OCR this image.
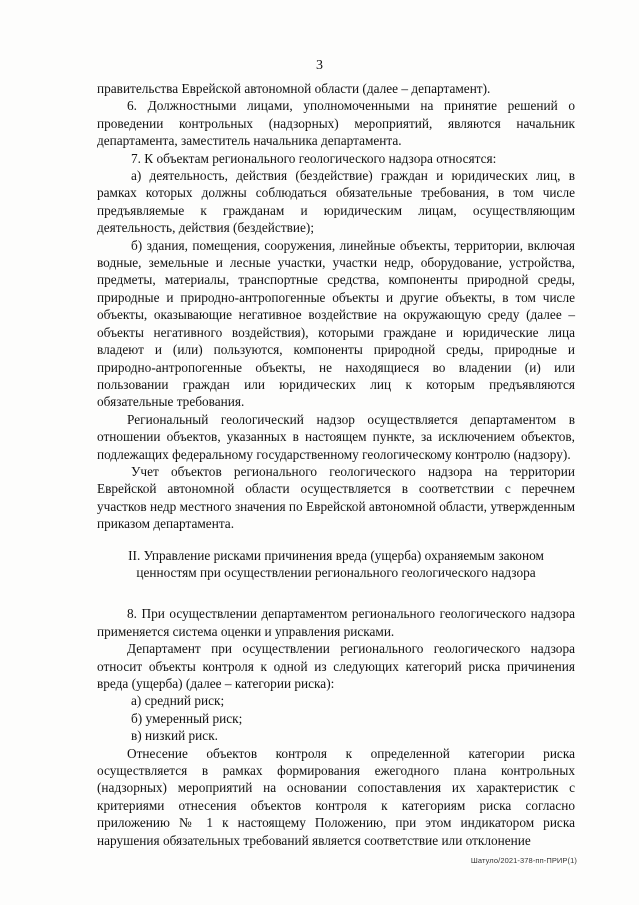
3

правительства Еврейской автономной области (далее – департамент).

6. Должностными лицами, уполномоченными на принятие решений о проведении контрольных (надзорных) мероприятий, являются начальник департамента, заместитель начальника департамента.

7. К объектам регионального геологического надзора относятся:

а) деятельность, действия (бездействие) граждан и юридических лиц, в рамках которых должны соблюдаться обязательные требования, в том числе предъявляемые к гражданам и юридическим лицам, осуществляющим деятельность, действия (бездействие);

б) здания, помещения, сооружения, линейные объекты, территории, включая водные, земельные и лесные участки, участки недр, оборудование, устройства, предметы, материалы, транспортные средства, компоненты природной среды, природные и природно-антропогенные объекты и другие объекты, в том числе объекты, оказывающие негативное воздействие на окружающую среду (далее – объекты негативного воздействия), которыми граждане и юридические лица владеют и (или) пользуются, компоненты природной среды, природные и природно-антропогенные объекты, не находящиеся во владении (и) или пользовании граждан или юридических лиц к которым предъявляются обязательные требования.

Региональный геологический надзор осуществляется департаментом в отношении объектов, указанных в настоящем пункте, за исключением объектов, подлежащих федеральному государственному геологическому контролю (надзору).

Учет объектов регионального геологического надзора на территории Еврейской автономной области осуществляется в соответствии с перечнем участков недр местного значения по Еврейской автономной области, утвержденным приказом департамента.

II. Управление рисками причинения вреда (ущерба) охраняемым законом ценностям при осуществлении регионального геологического надзора

8. При осуществлении департаментом регионального геологического надзора применяется система оценки и управления рисками.

Департамент при осуществлении регионального геологического надзора относит объекты контроля к одной из следующих категорий риска причинения вреда (ущерба) (далее – категории риска):

а) средний риск;

б) умеренный риск;

в) низкий риск.

Отнесение объектов контроля к определенной категории риска осуществляется в рамках формирования ежегодного плана контрольных (надзорных) мероприятий на основании сопоставления их характеристик с критериями отнесения объектов контроля к категориям риска согласно приложению № 1 к настоящему Положению, при этом индикатором риска нарушения обязательных требований является соответствие или отклонение

Шатуло/2021-378-пп-ПРИР(1)
